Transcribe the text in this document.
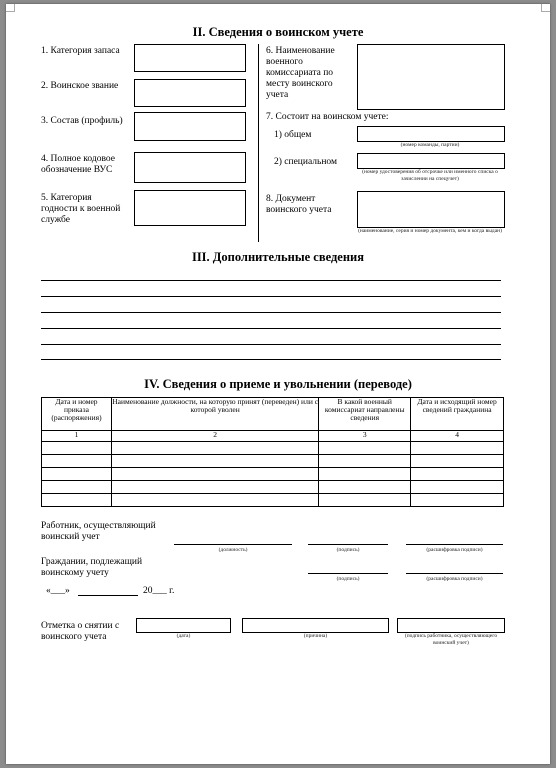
II. Сведения о воинском учете
1. Категория запаса
2. Воинское звание
3. Состав (профиль)
4. Полное кодовое обозначение ВУС
5. Категория годности к военной службе
6. Наименование военного комиссариата по месту воинского учета
7. Состоит на воинском учете:
1) общем
(номер команды, партии)
2) специальном
(номер удостоверения об отсрочке или именного списка о зачислении на спецучет)
8. Документ воинского учета
(наименование, серия и номер документа, кем и когда выдан)
III. Дополнительные сведения
IV. Сведения о приеме и увольнении (переводе)
Дата и номер приказа (распоряжения)	Наименование должности, на которую принят (переведен) или с которой уволен	В какой военный комиссариат направлены сведения	Дата и исходящий номер сведений гражданина
1	2	3	4

Работник, осуществляющий воинский учет
(должность)	(подпись)	(расшифровка подписи)
Граждании, подлежащий воинскому учету
(подпись)	(расшифровка подписи)
«___»	20___ г.
Отметка о снятии с воинского учета	(дата)	(причина)	(подпись работника, осуществляющего воинский учет)
